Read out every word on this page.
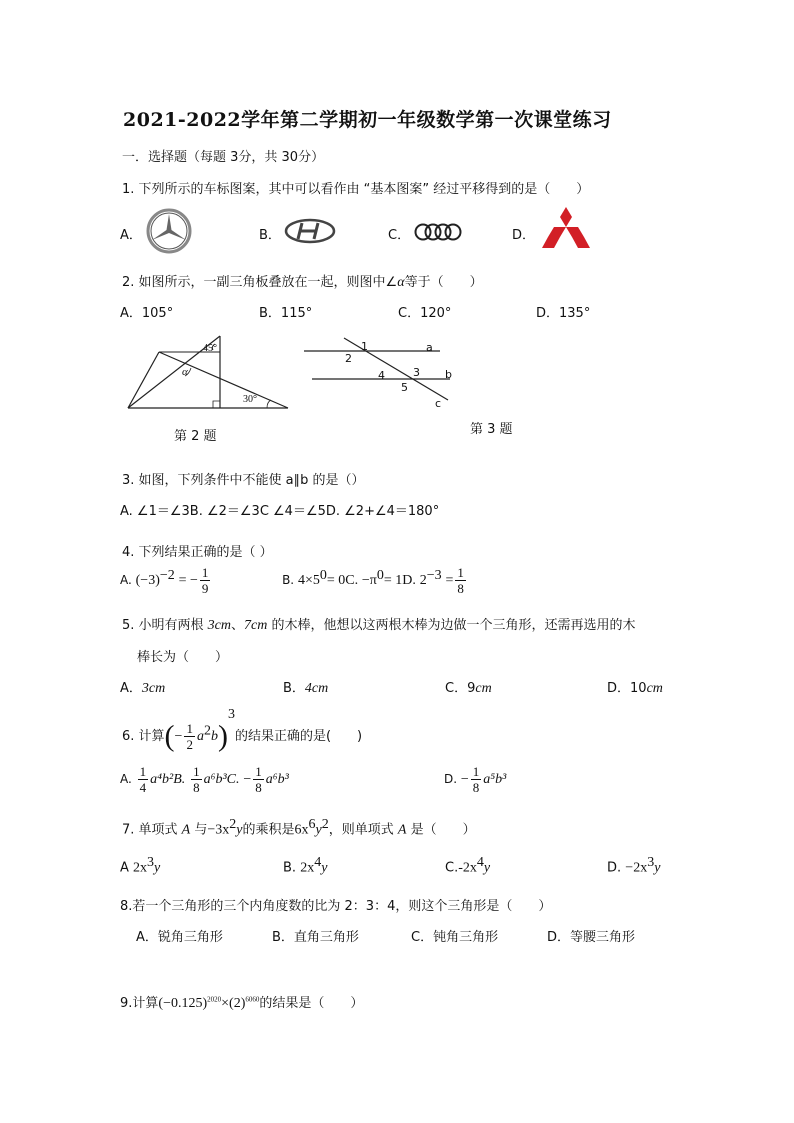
2021-2022学年第二学期初一年级数学第一次课堂练习
一．选择题（每题 3分，共 30分）
1. 下列所示的车标图案，其中可以看作由 “基本图案” 经过平移得到的是（　　）
A．	B．	C．	D．
2. 如图所示，一副三角板叠放在一起，则图中∠α等于（　　）
A．105°	B．115°	C．120°	D．135°
45°
α
30°
第 2 题
1
2
a
4	3 b
5
c
第 3 题
3. 如图，下列条件中不能使 a∥b 的是（）
A. ∠1＝∠3B. ∠2＝∠3C ∠4＝∠5D. ∠2+∠4＝180°
4. 下列结果正确的是（ ）
A. $(-3)^{-2}$ = − $\frac{1}{9}$	B. $4\times 5^0= 0C$. $-\pi^0= 1D$. $2^{-3} = \frac{1}{8}$
5. 小明有两根 3cm、7cm 的木棒，他想以这两根木棒为边做一个三角形，还需再选用的木
棒长为（　　）
A．3cm	B．4cm	C．9cm	D．10cm
6. 计算(− $\frac{1}{2} a^2b)^3$的结果正确的是(　　)
A. $\frac{1}{4} a^4b^2B$. $\frac{1}{8} a^6b^3C$. − $\frac{1}{8} a^6b^3$	D. − $\frac{1}{8} a^5b^3$
7. 单项式 A 与$-3x^2y$的乘积是$6x^6y^2$，则单项式 A 是（　　）
A $2x^3y$	B. $2x^4y$	$C.-2x^4y$	D. $-2x^3y$
8.若一个三角形的三个内角度数的比为 2：3：4，则这个三角形是（　　）
A．锐角三角形	B．直角三角形	C．钝角三角形	D．等腰三角形
9.计算$(-0.125)^{2020}\times(2)^{6060}$的结果是（　　）
